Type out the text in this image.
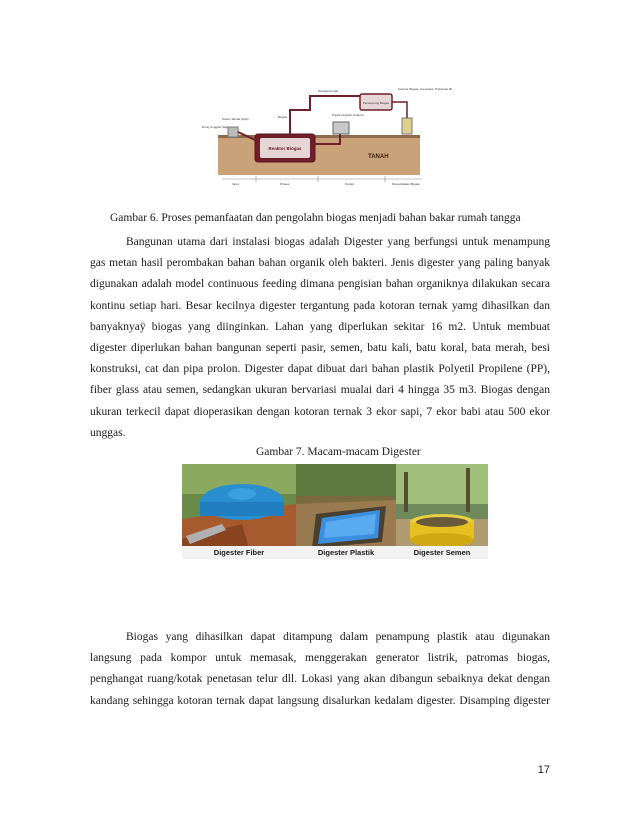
Reaktor Biogas
Penampung Biogas
TANAH
Kolam Tamak (inlet)
Dung Unggas/ Sapi
Biogas
Pengaman gas
Pupuk Organik (Output)
Kompor Biogas, Generator, Patromas dll
Input	Proses	Output	Pemanfaatan Biogas
Gambar 6. Proses pemanfaatan dan pengolahn biogas menjadi bahan bakar rumah tangga
Bangunan utama dari instalasi biogas adalah Digester yang berfungsi untuk menampung
gas metan hasil perombakan bahan bahan organik oleh bakteri. Jenis digester yang paling banyak
digunakan adalah model continuous feeding dimana pengisian bahan organiknya dilakukan secara
kontinu setiap hari. Besar kecilnya digester tergantung pada kotoran ternak yamg dihasilkan dan
banyaknyaÿ biogas yang diinginkan. Lahan yang diperlukan sekitar 16 m2. Untuk membuat
digester diperlukan bahan bangunan seperti pasir, semen, batu kali, batu koral, bata merah, besi
konstruksi, cat dan pipa prolon. Digester dapat dibuat dari bahan plastik Polyetil Propilene (PP),
fiber glass atau semen, sedangkan ukuran bervariasi mualai dari 4 hingga 35 m3. Biogas dengan
ukuran terkecil dapat dioperasikan dengan kotoran ternak 3 ekor sapi, 7 ekor babi atau 500 ekor
unggas.
Gambar 7. Macam-macam Digester
Digester Fiber	Digester Plastik	Digester Semen
Biogas yang dihasilkan dapat ditampung dalam penampung plastik atau digunakan
langsung pada kompor untuk memasak, menggerakan generator listrik, patromas biogas,
penghangat ruang/kotak penetasan telur dll. Lokasi yang akan dibangun sebaiknya dekat dengan
kandang sehingga kotoran ternak dapat langsung disalurkan kedalam digester. Disamping digester
17
